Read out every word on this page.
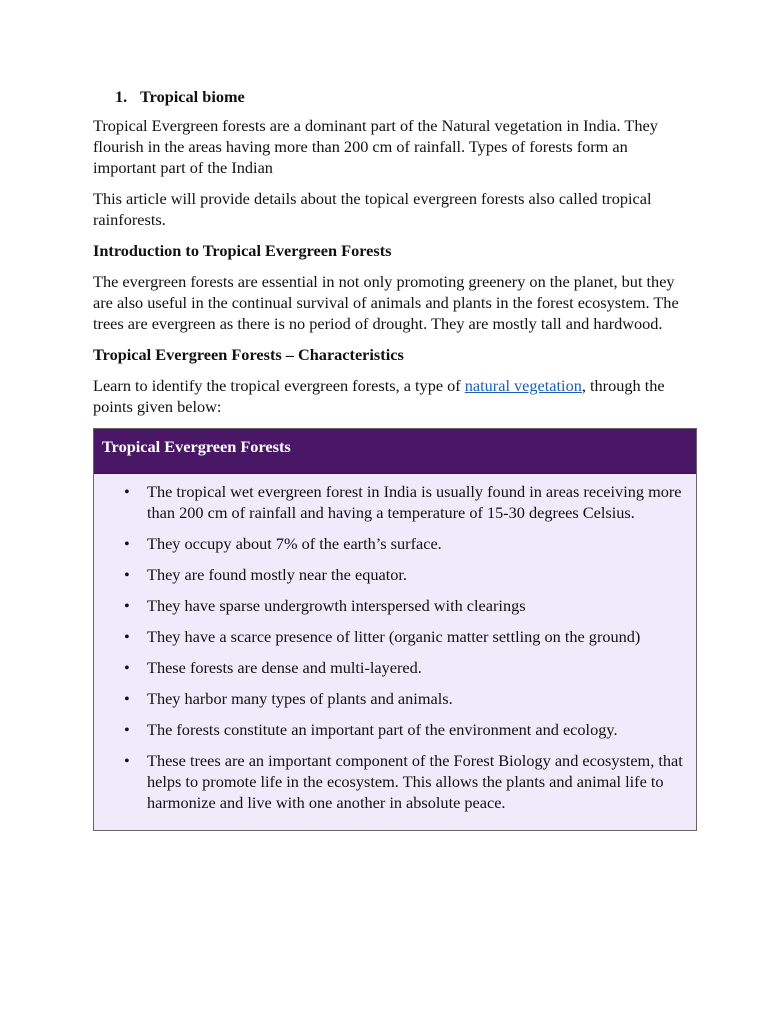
1. Tropical biome

Tropical Evergreen forests are a dominant part of the Natural vegetation in India. They flourish in the areas having more than 200 cm of rainfall. Types of forests form an important part of the Indian

This article will provide details about the topical evergreen forests also called tropical rainforests.

Introduction to Tropical Evergreen Forests

The evergreen forests are essential in not only promoting greenery on the planet, but they are also useful in the continual survival of animals and plants in the forest ecosystem. The trees are evergreen as there is no period of drought. They are mostly tall and hardwood.

Tropical Evergreen Forests – Characteristics

Learn to identify the tropical evergreen forests, a type of natural vegetation, through the points given below:

Tropical Evergreen Forests
• The tropical wet evergreen forest in India is usually found in areas receiving more than 200 cm of rainfall and having a temperature of 15-30 degrees Celsius.
• They occupy about 7% of the earth’s surface.
• They are found mostly near the equator.
• They have sparse undergrowth interspersed with clearings
• They have a scarce presence of litter (organic matter settling on the ground)
• These forests are dense and multi-layered.
• They harbor many types of plants and animals.
• The forests constitute an important part of the environment and ecology.
• These trees are an important component of the Forest Biology and ecosystem, that helps to promote life in the ecosystem. This allows the plants and animal life to harmonize and live with one another in absolute peace.
